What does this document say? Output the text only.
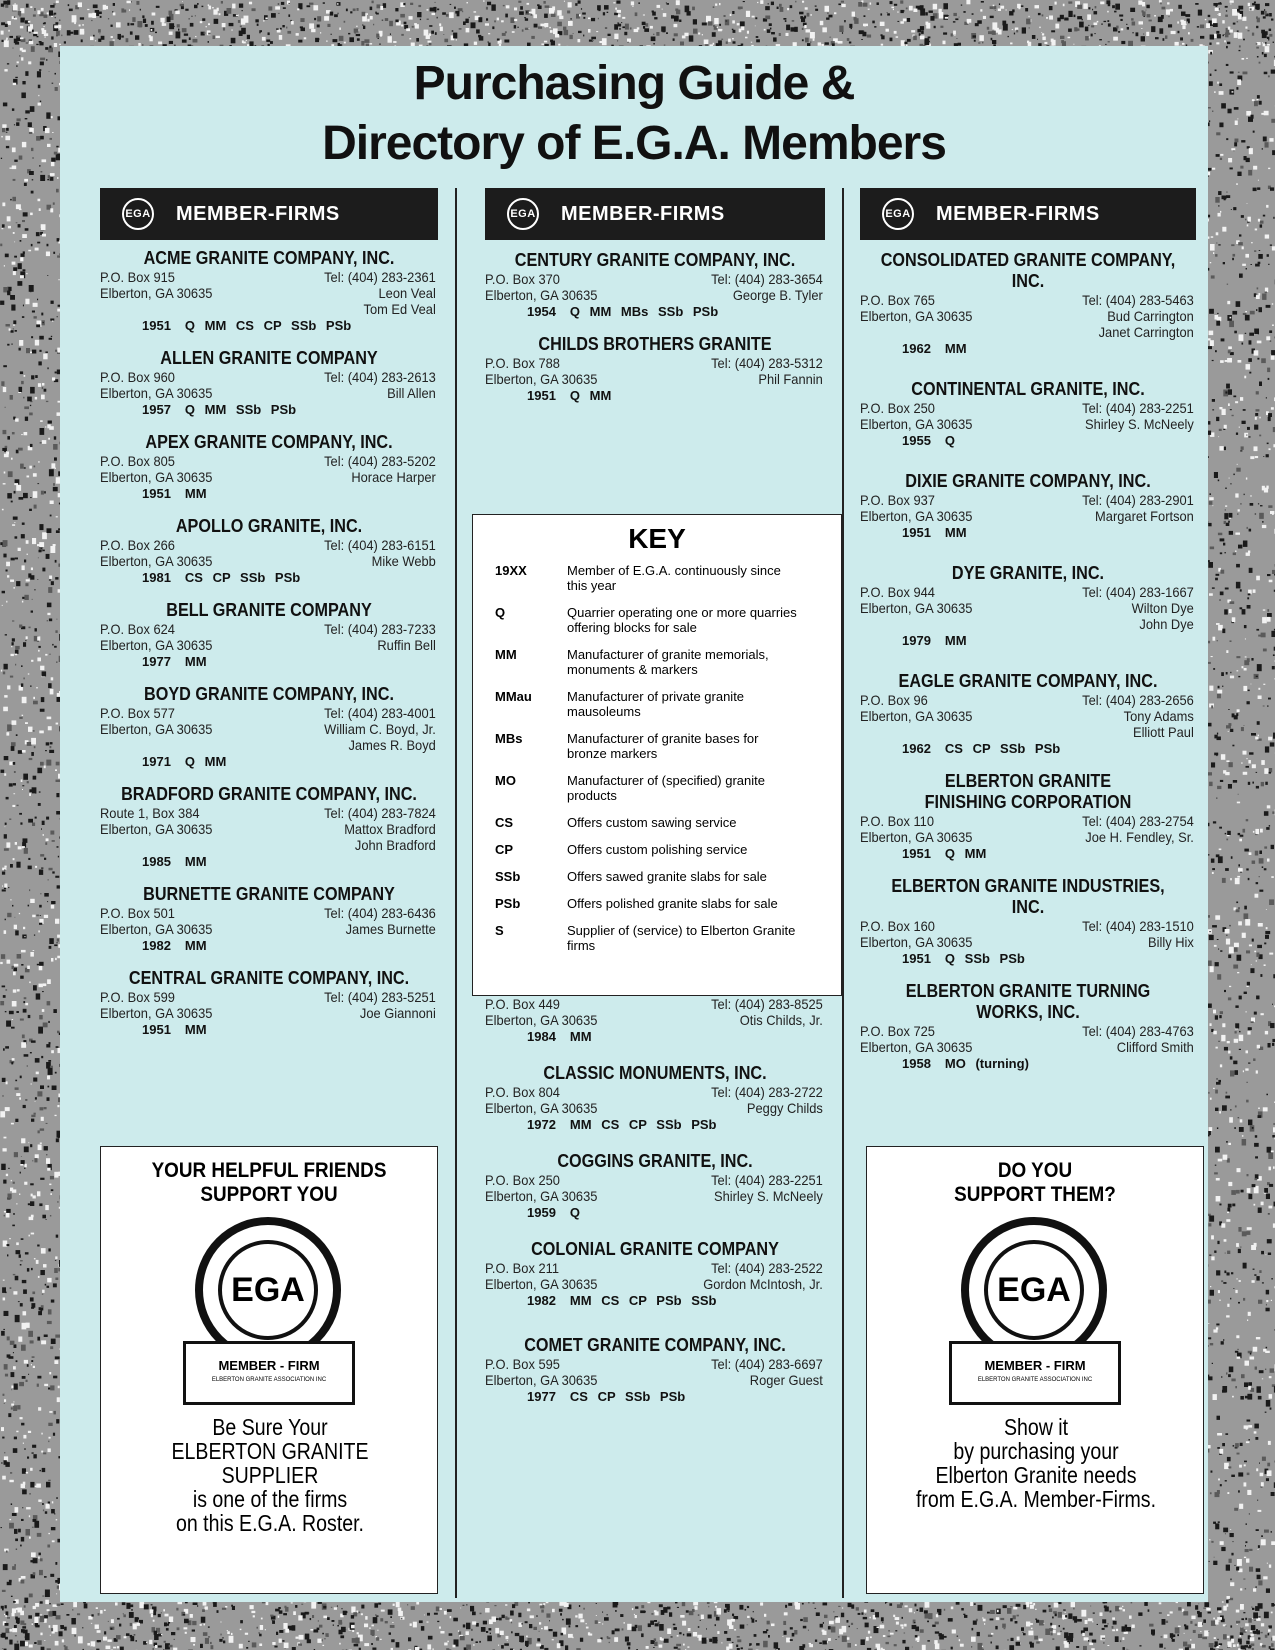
Purchasing Guide &
Directory of E.G.A. Members
EGA MEMBER-FIRMS
ACME GRANITE COMPANY, INC.
P.O. Box 915	Tel: (404) 283-2361
Elberton, GA 30635	Leon Veal
Tom Ed Veal
1951 Q MM CS CP SSb PSb
ALLEN GRANITE COMPANY
P.O. Box 960	Tel: (404) 283-2613
Elberton, GA 30635	Bill Allen
1957 Q MM SSb PSb
APEX GRANITE COMPANY, INC.
P.O. Box 805	Tel: (404) 283-5202
Elberton, GA 30635	Horace Harper
1951 MM
APOLLO GRANITE, INC.
P.O. Box 266	Tel: (404) 283-6151
Elberton, GA 30635	Mike Webb
1981 CS CP SSb PSb
BELL GRANITE COMPANY
P.O. Box 624	Tel: (404) 283-7233
Elberton, GA 30635	Ruffin Bell
1977 MM
BOYD GRANITE COMPANY, INC.
P.O. Box 577	Tel: (404) 283-4001
Elberton, GA 30635	William C. Boyd, Jr.
James R. Boyd
1971 Q MM
BRADFORD GRANITE COMPANY, INC.
Route 1, Box 384	Tel: (404) 283-7824
Elberton, GA 30635	Mattox Bradford
John Bradford
1985 MM
BURNETTE GRANITE COMPANY
P.O. Box 501	Tel: (404) 283-6436
Elberton, GA 30635	James Burnette
1982 MM
CENTRAL GRANITE COMPANY, INC.
P.O. Box 599	Tel: (404) 283-5251
Elberton, GA 30635	Joe Giannoni
1951 MM
EGA MEMBER-FIRMS
CENTURY GRANITE COMPANY, INC.
P.O. Box 370	Tel: (404) 283-3654
Elberton, GA 30635	George B. Tyler
1954 Q MM MBs SSb PSb
CHILDS BROTHERS GRANITE
P.O. Box 788	Tel: (404) 283-5312
Elberton, GA 30635	Phil Fannin
1951 Q MM
P.O. Box 449	Tel: (404) 283-8525
Elberton, GA 30635	Otis Childs, Jr.
1984 MM
CLASSIC MONUMENTS, INC.
P.O. Box 804	Tel: (404) 283-2722
Elberton, GA 30635	Peggy Childs
1972 MM CS CP SSb PSb
COGGINS GRANITE, INC.
P.O. Box 250	Tel: (404) 283-2251
Elberton, GA 30635	Shirley S. McNeely
1959 Q
COLONIAL GRANITE COMPANY
P.O. Box 211	Tel: (404) 283-2522
Elberton, GA 30635	Gordon McIntosh, Jr.
1982 MM CS CP PSb SSb
COMET GRANITE COMPANY, INC.
P.O. Box 595	Tel: (404) 283-6697
Elberton, GA 30635	Roger Guest
1977 CS CP SSb PSb
EGA MEMBER-FIRMS
CONSOLIDATED GRANITE COMPANY, INC.
P.O. Box 765	Tel: (404) 283-5463
Elberton, GA 30635	Bud Carrington
Janet Carrington
1962 MM
CONTINENTAL GRANITE, INC.
P.O. Box 250	Tel: (404) 283-2251
Elberton, GA 30635	Shirley S. McNeely
1955 Q
DIXIE GRANITE COMPANY, INC.
P.O. Box 937	Tel: (404) 283-2901
Elberton, GA 30635	Margaret Fortson
1951 MM
DYE GRANITE, INC.
P.O. Box 944	Tel: (404) 283-1667
Elberton, GA 30635	Wilton Dye
John Dye
1979 MM
EAGLE GRANITE COMPANY, INC.
P.O. Box 96	Tel: (404) 283-2656
Elberton, GA 30635	Tony Adams
Elliott Paul
1962 CS CP SSb PSb
ELBERTON GRANITE
FINISHING CORPORATION
P.O. Box 110	Tel: (404) 283-2754
Elberton, GA 30635	Joe H. Fendley, Sr.
1951 Q MM
ELBERTON GRANITE INDUSTRIES, INC.
P.O. Box 160	Tel: (404) 283-1510
Elberton, GA 30635	Billy Hix
1951 Q SSb PSb
ELBERTON GRANITE TURNING
WORKS, INC.
P.O. Box 725	Tel: (404) 283-4763
Elberton, GA 30635	Clifford Smith
1958 MO (turning)
KEY
19XX	Member of E.G.A. continuously since this year
Q	Quarrier operating one or more quarries offering blocks for sale
MM	Manufacturer of granite memorials, monuments & markers
MMau	Manufacturer of private granite mausoleums
MBs	Manufacturer of granite bases for bronze markers
MO	Manufacturer of (specified) granite products
CS	Offers custom sawing service
CP	Offers custom polishing service
SSb	Offers sawed granite slabs for sale
PSb	Offers polished granite slabs for sale
S	Supplier of (service) to Elberton Granite firms
YOUR HELPFUL FRIENDS
SUPPORT YOU
EGA
MEMBER - FIRM
ELBERTON GRANITE ASSOCIATION INC
Be Sure Your
ELBERTON GRANITE SUPPLIER
is one of the firms
on this E.G.A. Roster.
DO YOU
SUPPORT THEM?
EGA
MEMBER - FIRM
ELBERTON GRANITE ASSOCIATION INC
Show it
by purchasing your
Elberton Granite needs
from E.G.A. Member-Firms.
